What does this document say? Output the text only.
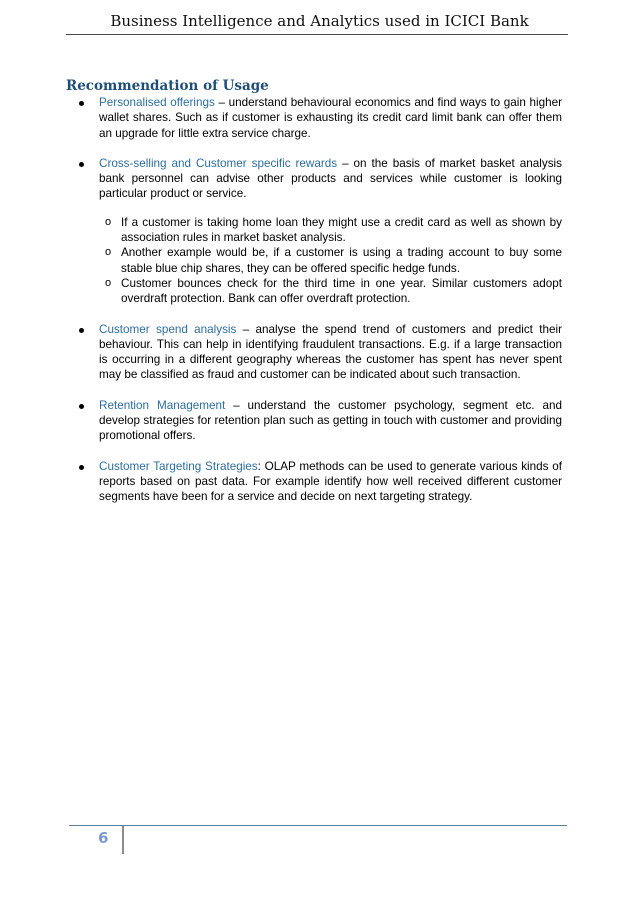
Business Intelligence and Analytics used in ICICI Bank
Recommendation of Usage
Personalised offerings – understand behavioural economics and find ways to gain higher wallet shares. Such as if customer is exhausting its credit card limit bank can offer them an upgrade for little extra service charge.
Cross-selling and Customer specific rewards – on the basis of market basket analysis bank personnel can advise other products and services while customer is looking particular product or service.
o If a customer is taking home loan they might use a credit card as well as shown by association rules in market basket analysis.
o Another example would be, if a customer is using a trading account to buy some stable blue chip shares, they can be offered specific hedge funds.
o Customer bounces check for the third time in one year. Similar customers adopt overdraft protection. Bank can offer overdraft protection.
Customer spend analysis – analyse the spend trend of customers and predict their behaviour. This can help in identifying fraudulent transactions. E.g. if a large transaction is occurring in a different geography whereas the customer has spent has never spent may be classified as fraud and customer can be indicated about such transaction.
Retention Management – understand the customer psychology, segment etc. and develop strategies for retention plan such as getting in touch with customer and providing promotional offers.
Customer Targeting Strategies: OLAP methods can be used to generate various kinds of reports based on past data. For example identify how well received different customer segments have been for a service and decide on next targeting strategy.
6
